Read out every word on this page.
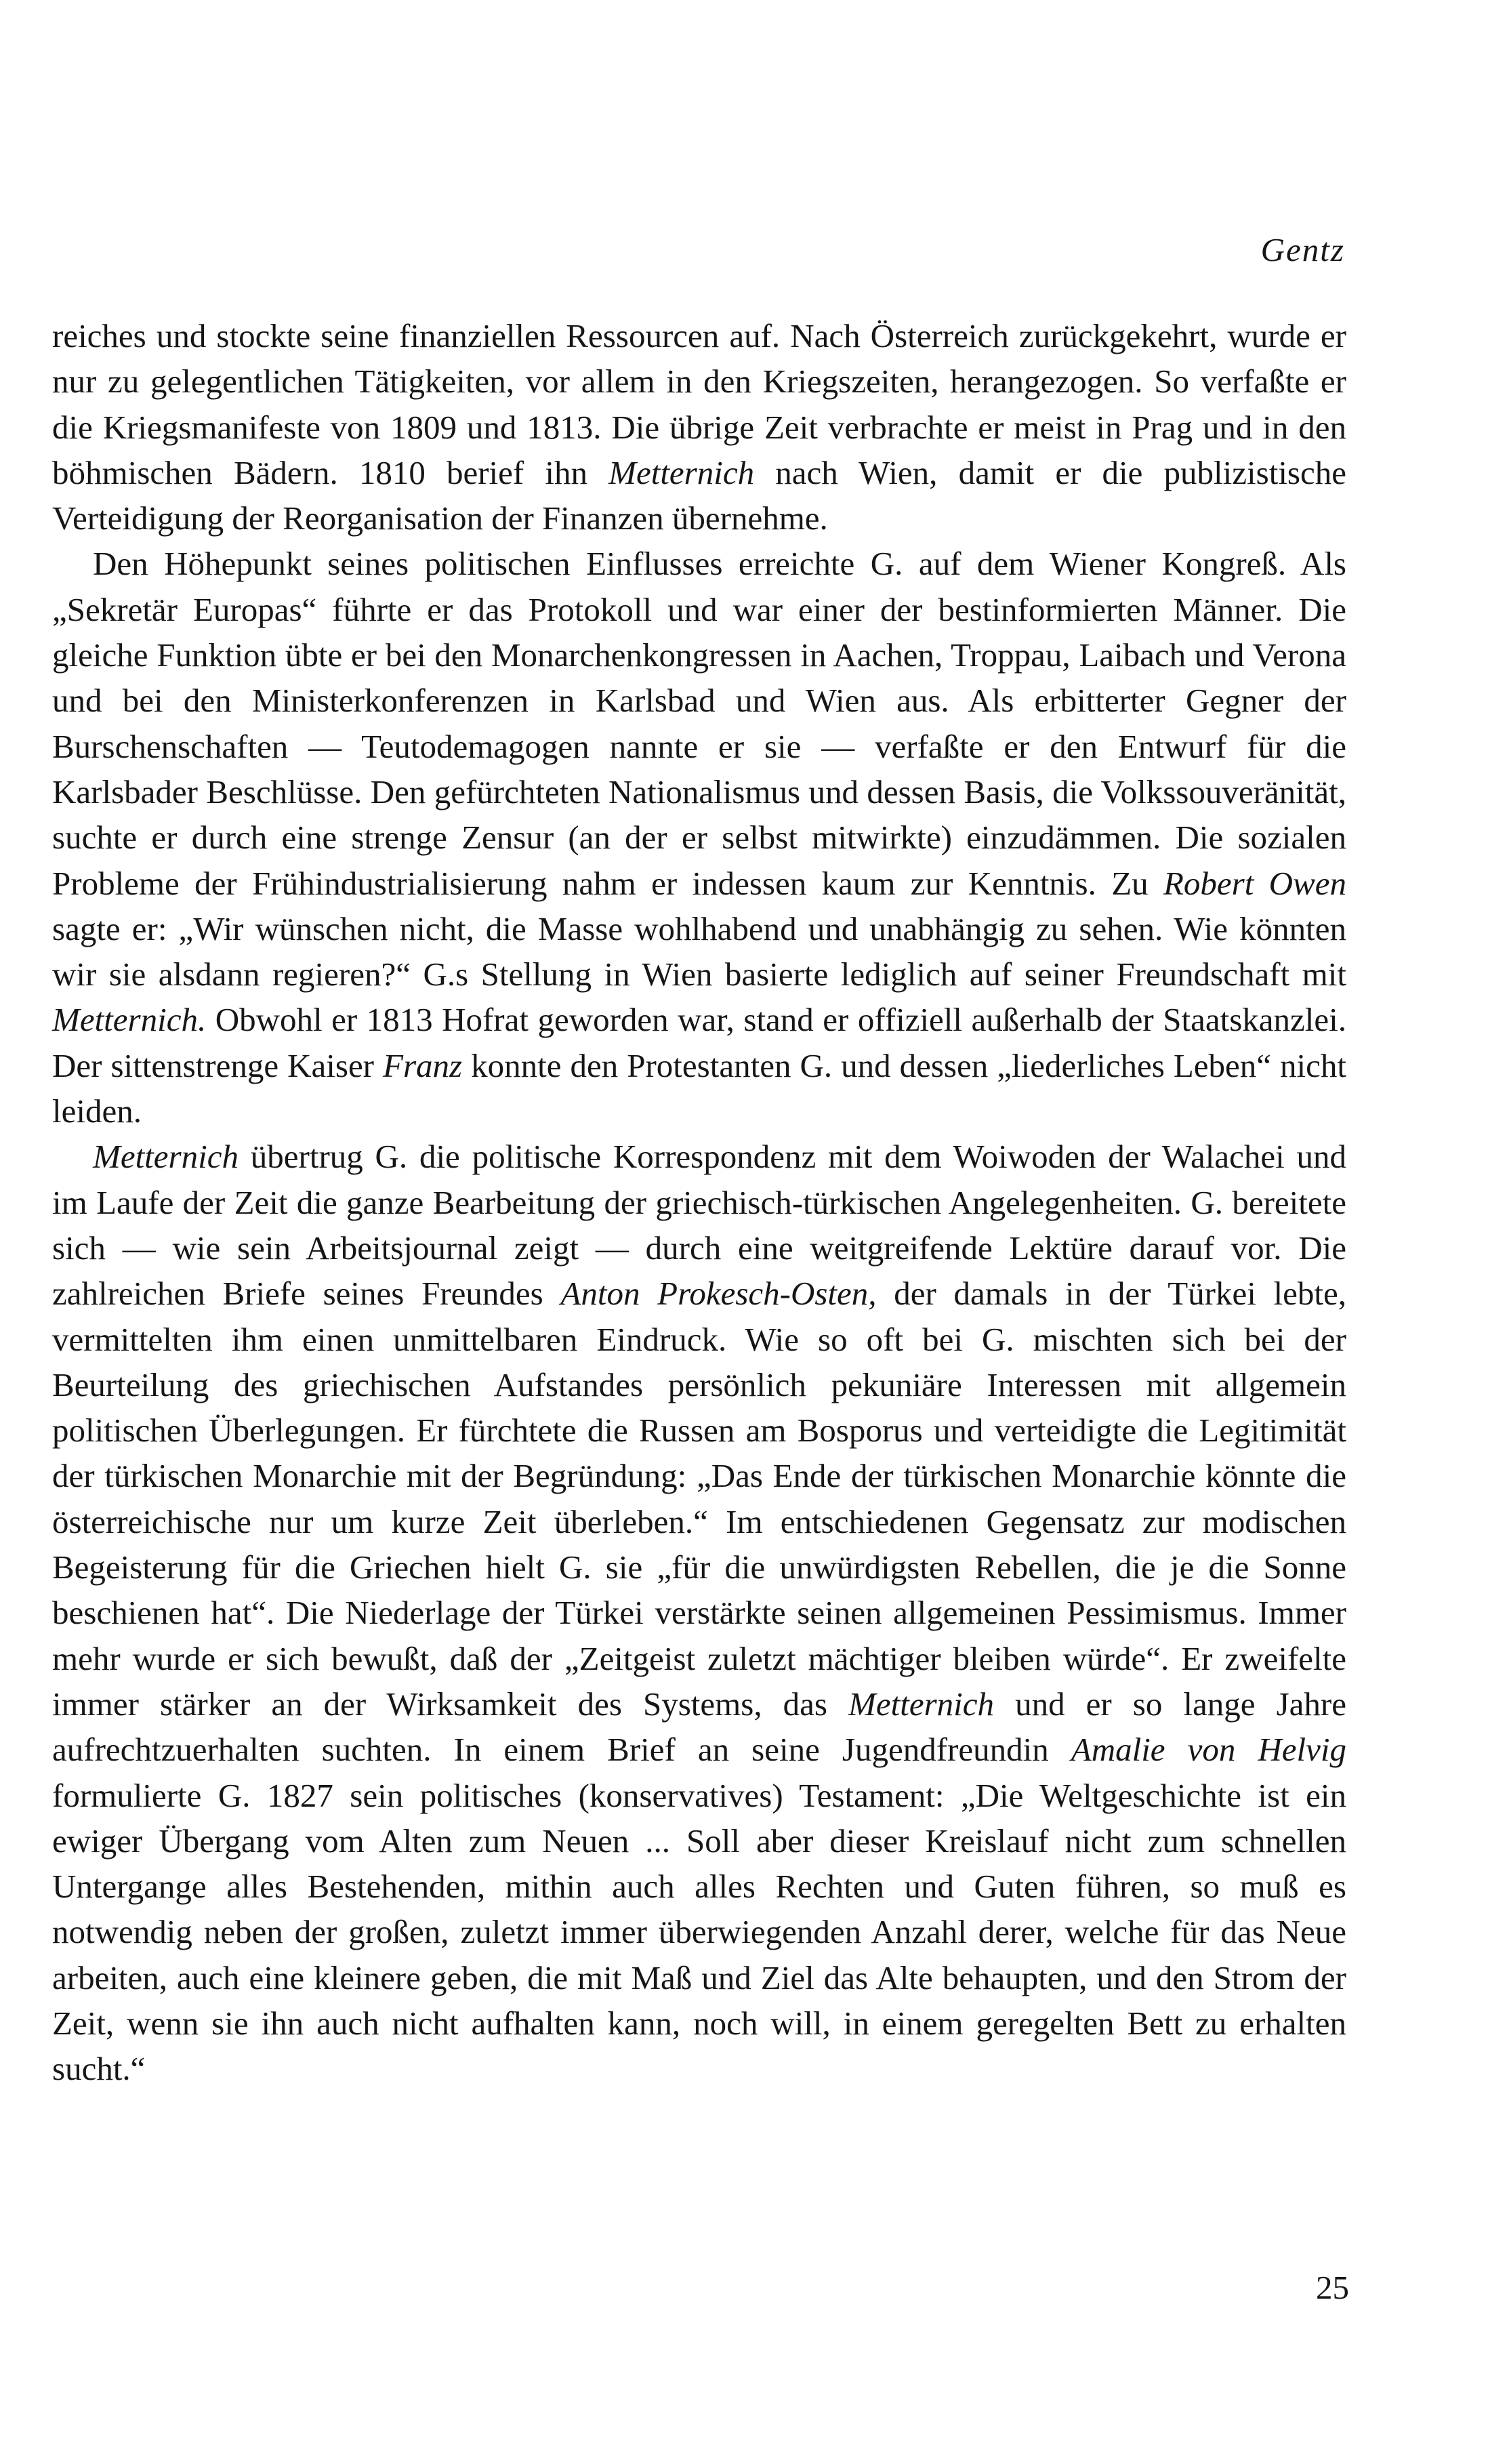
Gentz

reiches und stockte seine finanziellen Ressourcen auf. Nach Österreich zurückgekehrt, wurde er nur zu gelegentlichen Tätigkeiten, vor allem in den Kriegszeiten, herangezogen. So verfaßte er die Kriegsmanifeste von 1809 und 1813. Die übrige Zeit verbrachte er meist in Prag und in den böhmischen Bädern. 1810 berief ihn Metternich nach Wien, damit er die publizistische Verteidigung der Reorganisation der Finanzen übernehme.

Den Höhepunkt seines politischen Einflusses erreichte G. auf dem Wiener Kongreß. Als „Sekretär Europas“ führte er das Protokoll und war einer der bestinformierten Männer. Die gleiche Funktion übte er bei den Monarchenkongressen in Aachen, Troppau, Laibach und Verona und bei den Ministerkonferenzen in Karlsbad und Wien aus. Als erbitterter Gegner der Burschenschaften — Teutodemagogen nannte er sie — verfaßte er den Entwurf für die Karlsbader Beschlüsse. Den gefürchteten Nationalismus und dessen Basis, die Volkssouveränität, suchte er durch eine strenge Zensur (an der er selbst mitwirkte) einzudämmen. Die sozialen Probleme der Frühindustrialisierung nahm er indessen kaum zur Kenntnis. Zu Robert Owen sagte er: „Wir wünschen nicht, die Masse wohlhabend und unabhängig zu sehen. Wie könnten wir sie alsdann regieren?“ G.s Stellung in Wien basierte lediglich auf seiner Freundschaft mit Metternich. Obwohl er 1813 Hofrat geworden war, stand er offiziell außerhalb der Staatskanzlei. Der sittenstrenge Kaiser Franz konnte den Protestanten G. und dessen „liederliches Leben“ nicht leiden.

Metternich übertrug G. die politische Korrespondenz mit dem Woiwoden der Walachei und im Laufe der Zeit die ganze Bearbeitung der griechisch-türkischen Angelegenheiten. G. bereitete sich — wie sein Arbeitsjournal zeigt — durch eine weitgreifende Lektüre darauf vor. Die zahlreichen Briefe seines Freundes Anton Prokesch-Osten, der damals in der Türkei lebte, vermittelten ihm einen unmittelbaren Eindruck. Wie so oft bei G. mischten sich bei der Beurteilung des griechischen Aufstandes persönlich pekuniäre Interessen mit allgemein politischen Überlegungen. Er fürchtete die Russen am Bosporus und verteidigte die Legitimität der türkischen Monarchie mit der Begründung: „Das Ende der türkischen Monarchie könnte die österreichische nur um kurze Zeit überleben.“ Im entschiedenen Gegensatz zur modischen Begeisterung für die Griechen hielt G. sie „für die unwürdigsten Rebellen, die je die Sonne beschienen hat“. Die Niederlage der Türkei verstärkte seinen allgemeinen Pessimismus. Immer mehr wurde er sich bewußt, daß der „Zeitgeist zuletzt mächtiger bleiben würde“. Er zweifelte immer stärker an der Wirksamkeit des Systems, das Metternich und er so lange Jahre aufrechtzuerhalten suchten. In einem Brief an seine Jugendfreundin Amalie von Helvig formulierte G. 1827 sein politisches (konservatives) Testament: „Die Weltgeschichte ist ein ewiger Übergang vom Alten zum Neuen ... Soll aber dieser Kreislauf nicht zum schnellen Untergange alles Bestehenden, mithin auch alles Rechten und Guten führen, so muß es notwendig neben der großen, zuletzt immer überwiegenden Anzahl derer, welche für das Neue arbeiten, auch eine kleinere geben, die mit Maß und Ziel das Alte behaupten, und den Strom der Zeit, wenn sie ihn auch nicht aufhalten kann, noch will, in einem geregelten Bett zu erhalten sucht.“

25
